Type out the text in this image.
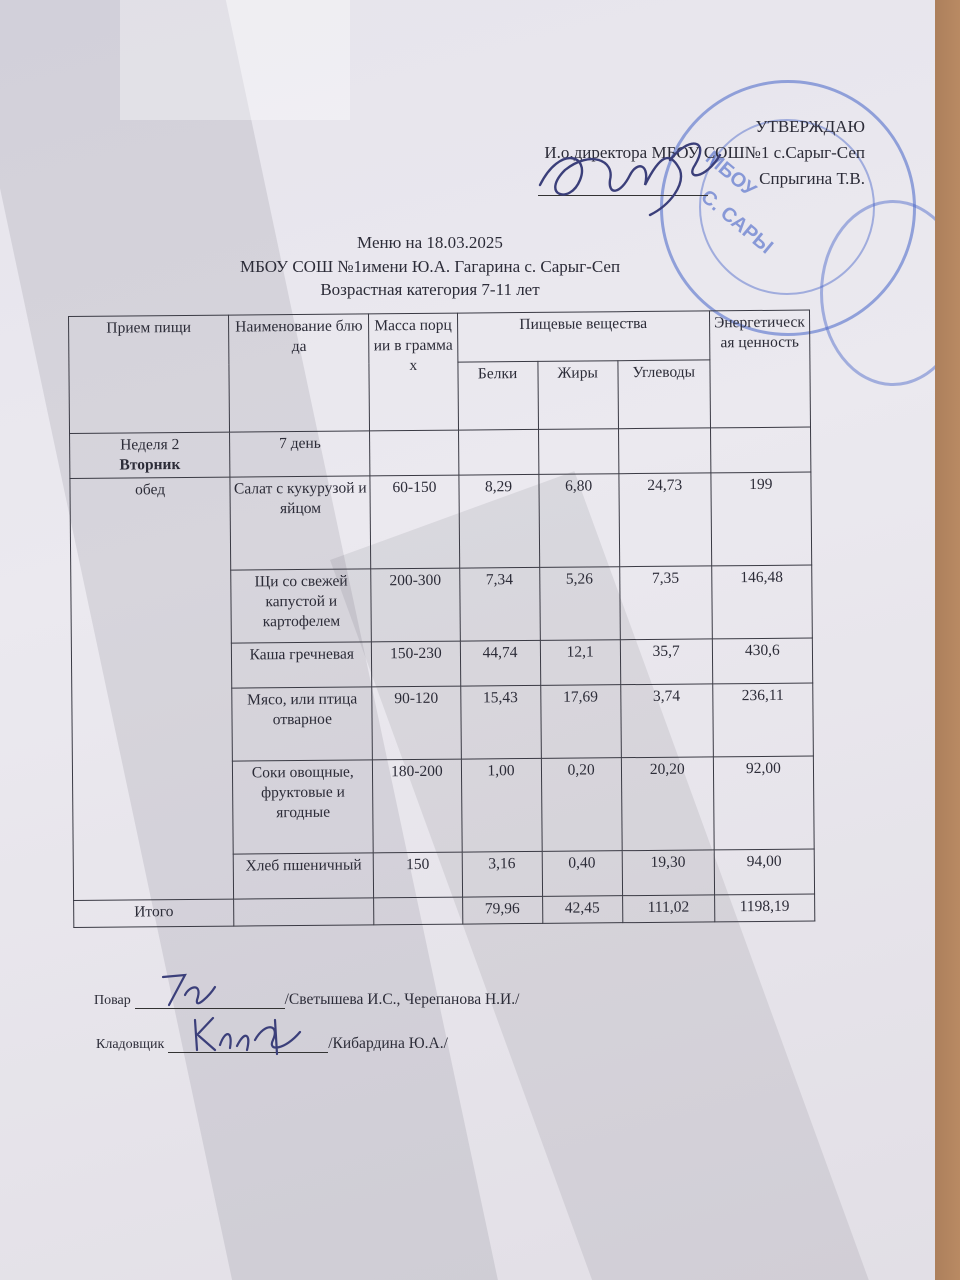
МБОУ
С. САРЫ
УТВЕРЖДАЮ
И.о.директора МБОУ СОШ№1 с.Сарыг-Сеп
Спрыгина Т.В.
Меню на 18.03.2025
МБОУ СОШ №1имени Ю.А. Гагарина с. Сарыг-Сеп
Возрастная категория 7-11 лет
Прием пищи	Наименование блюда	Масса порции в граммах	Пищевые вещества			Энергетическая ценность
			Белки	Жиры	Углеводы	

Неделя 2
Вторник	7 день					
обед	Салат с кукурузой и яйцом	60-150	8,29	6,80	24,73	199
	Щи со свежей капустой и картофелем	200-300	7,34	5,26	7,35	146,48
	Каша гречневая	150-230	44,74	12,1	35,7	430,6
	Мясо, или птица отварное	90-120	15,43	17,69	3,74	236,11
	Соки овощные, фруктовые и ягодные	180-200	1,00	0,20	20,20	92,00
	Хлеб пшеничный	150	3,16	0,40	19,30	94,00
Итого			79,96	42,45	111,02	1198,19
Повар	/Светышева И.С., Черепанова Н.И./
Кладовщик	/Кибардина Ю.А./
